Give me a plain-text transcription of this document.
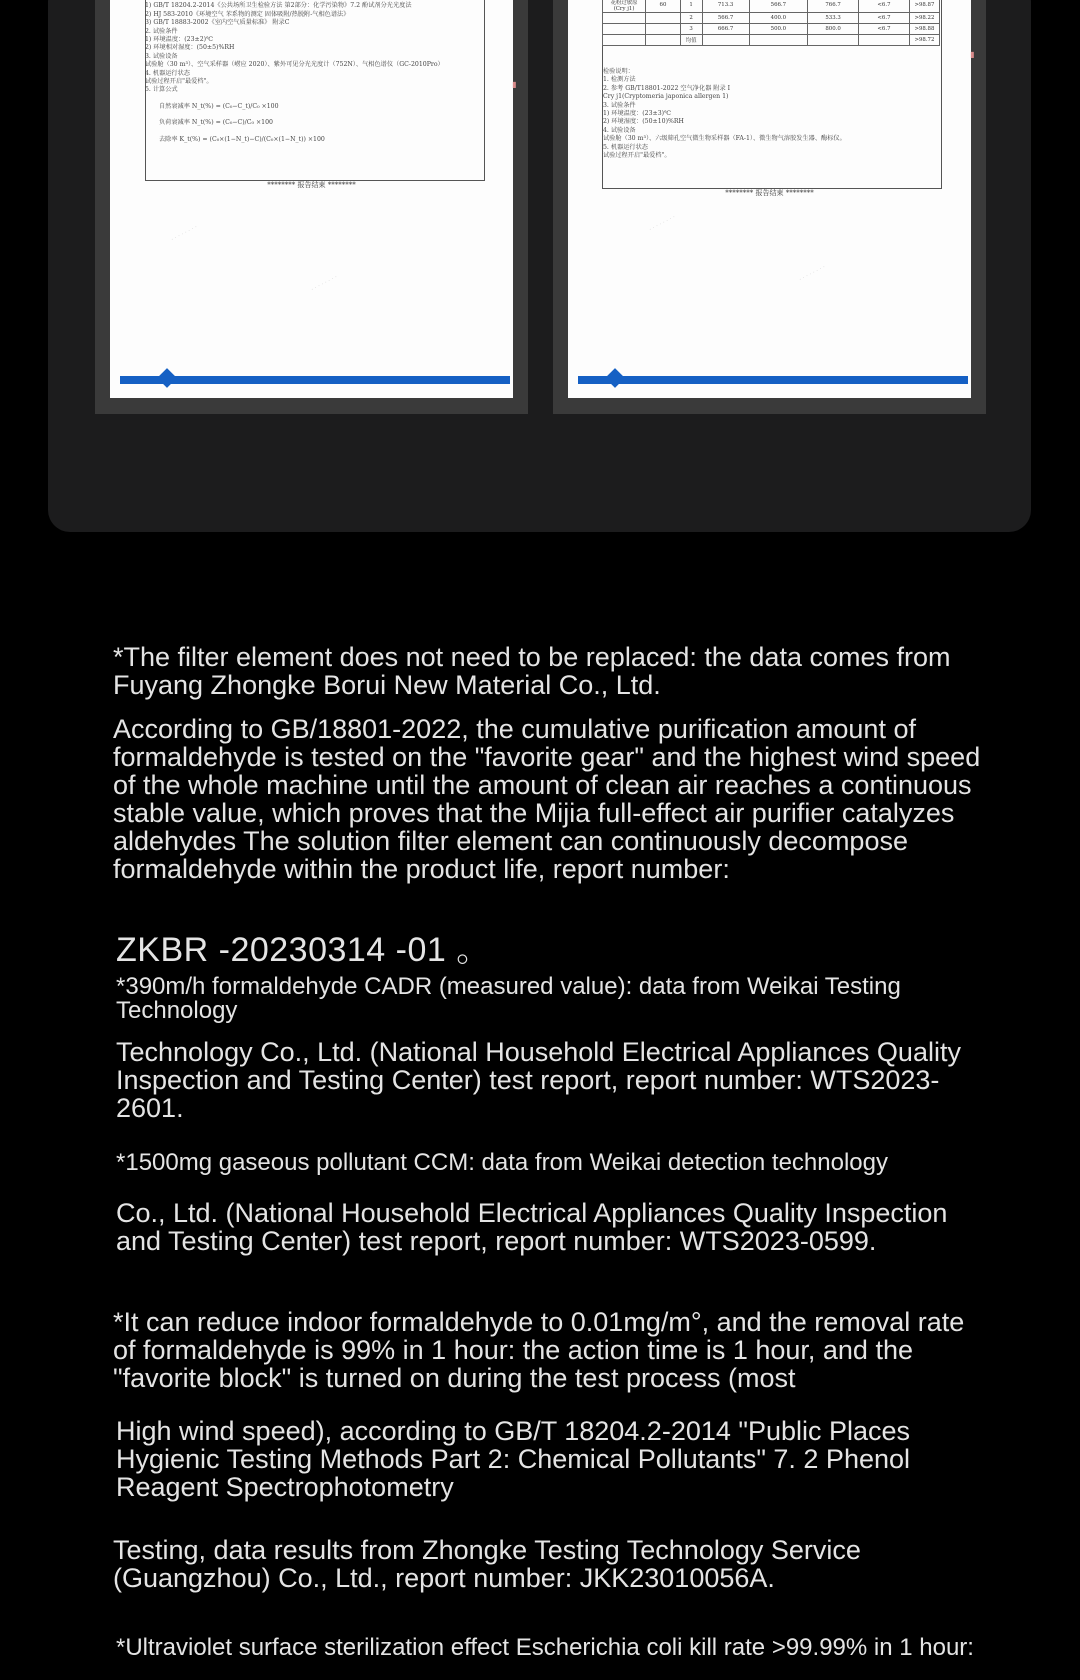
1) GB/T 18204.2-2014《公共场所卫生检验方法 第2部分：化学污染物》7.2 酚试剂分光光度法
2) HJ 583-2010《环境空气 苯系物的测定 固体吸附/热脱附-气相色谱法》
3) GB/T 18883-2002《室内空气质量标准》 附录C
2. 试验条件
1) 环境温度：(23±2)℃
2) 环境相对湿度：(50±5)%RH
3. 试验设备
试验舱（30 m³）、空气采样器（崂应 2020）、紫外可见分光光度计（752N）、气相色谱仪（GC-2010Pro）
4. 机器运行状态
试验过程开启"最爱档"。
5. 计算公式
自然衰减率 N_t(%) = (C₀−C_t)/C₀ ×100
负荷衰减率 N_t(%) = (C₀−C)/C₀ ×100
去除率 K_t(%) = (C₀×(1−N_t)−C)/(C₀×(1−N_t)) ×100
******** 报告结束 ********
▮
· · · · · · · ·
· · · · · · · ·

花粉过敏原 (Cry j1)	60	1	713.3	566.7	766.7	<6.7	>98.87
		2	566.7	400.0	533.3	<6.7	>98.22
		3	666.7	500.0	800.0	<6.7	>98.88
		均值					>98.72
检验说明：
1. 检测方法
2. 参考 GB/T18801-2022 空气净化器 附录 I
Cry j1(Cryptomeria japonica allergen 1)
3. 试验条件
1) 环境温度：(23±3)℃
2) 环境湿度：(50±10)%RH
4. 试验设备
试验舱（30 m³）、六级筛孔空气微生物采样器（FA-1）、微生物气溶胶发生器、酶标仪。
5. 机器运行状态
试验过程开启"最爱档"。
******** 报告结束 ********
▮
· · · · · · · ·
· · · · · · · ·
*The filter element does not need to be replaced: the data comes from Fuyang Zhongke Borui New Material Co., Ltd.
According to GB/18801-2022, the cumulative purification amount of formaldehyde is tested on the "favorite gear" and the highest wind speed of the whole machine until the amount of clean air reaches a continuous stable value, which proves that the Mijia full-effect air purifier catalyzes aldehydes The solution filter element can continuously decompose formaldehyde within the product life, report number:
ZKBR -20230314 -01 。
*390m/h formaldehyde CADR (measured value): data from Weikai Testing Technology
Technology Co., Ltd. (National Household Electrical Appliances Quality Inspection and Testing Center) test report, report number: WTS2023-2601.
*1500mg gaseous pollutant CCM: data from Weikai detection technology
Co., Ltd. (National Household Electrical Appliances Quality Inspection and Testing Center) test report, report number: WTS2023-0599.
*It can reduce indoor formaldehyde to 0.01mg/m°, and the removal rate of formaldehyde is 99% in 1 hour: the action time is 1 hour, and the "favorite block" is turned on during the test process (most
High wind speed), according to GB/T 18204.2-2014 "Public Places Hygienic Testing Methods Part 2: Chemical Pollutants" 7. 2 Phenol Reagent Spectrophotometry
Testing, data results from Zhongke Testing Technology Service (Guangzhou) Co., Ltd., report number: JKK23010056A.
*Ultraviolet surface sterilization effect Escherichia coli kill rate >99.99% in 1 hour:
